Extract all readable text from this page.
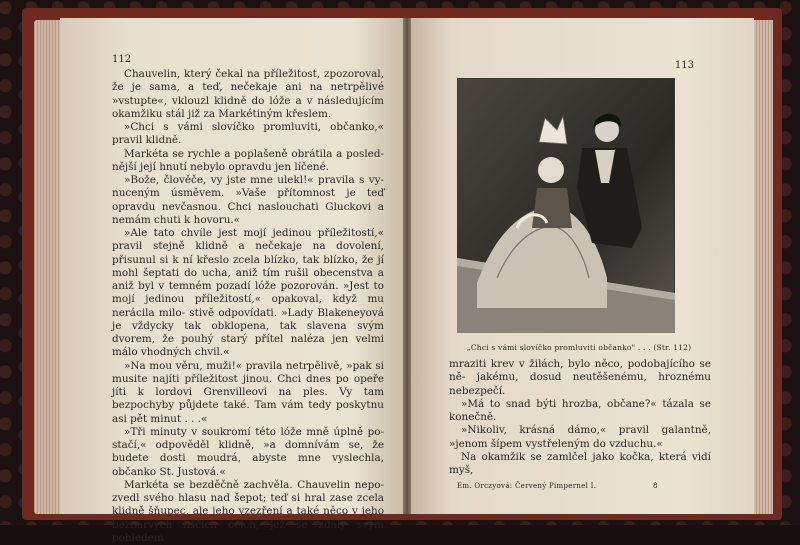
112

Chauvelin, který čekal na příležitost, zpozoroval, že je sama, a teď, nečekaje ani na netrpělivé »vstupte«, vklouzl klidně do lóže a v následujícím okamžiku stál již za Markétiným křeslem.

»Chci s vámi slovíčko promluviti, občanko,« pravil klidně.

Markéta se rychle a poplašeně obrátila a posled- nější její hnutí nebylo opravdu jen líčené.

»Bože, člověče, vy jste mne ulekl!« pravila s vy- nuceným úsměvem. »Vaše přítomnost je teď opravdu nevčasnou. Chci naslouchati Gluckovi a nemám chuti k hovoru.«

»Ale tato chvíle jest mojí jedinou příležitostí,« pravil stejně klidně a nečekaje na dovolení, přisunul si k ní křeslo zcela blízko, tak blízko, že jí mohl šeptati do ucha, aniž tím rušil obecenstva a aniž byl v temném pozadí lóže pozorován. »Jest to mojí jedinou příležitostí,« opakoval, když mu nerácila milo- stivě odpovídati. »Lady Blakeneyová je vždycky tak obklopena, tak slavena svým dvorem, že pouhý starý přítel naléza jen velmi málo vhodných chvil.«

»Na mou věru, muži!« pravila netrpělivě, »pak si musite najíti příležitost jinou. Chci dnes po opeře jíti k lordovi Grenvilleovi na ples. Vy tam bezpochyby půjdete také. Tam vám tedy poskytnu asi pět minut . . .«

»Tři minuty v soukromí této lóže mně úplně po- stačí,« odpověděl klidně, »a domnívám se, že budete dosti moudrá, abyste mne vyslechla, občanko St. Justová.«

Markéta se bezděčně zachvěla. Chauvelin nepo- zvedl svého hlasu nad šepot; teď si hral zase zcela klidně šňupec, ale jeho vzezření a také něco v jeho bezbarvých liščích očích, jež se zdály svým pohledem

113
„Chci s vámi slovíčko promluviti občanko" . . . (Str. 112)

mraziti krev v žilách, bylo něco, podobajícího se ně- jakému, dosud neutěšenému, hroznému nebezpečí.

»Má to snad býti hrozba, občane?« tázala se konečně.

»Nikoliv, krásná dámo,« pravil galantně, »jenom šípem vystřeleným do vzduchu.«

Na okamžik se zamlčel jako kočka, která vidí myš,

Em. Orczyová: Červený Pimpernel I.	8
